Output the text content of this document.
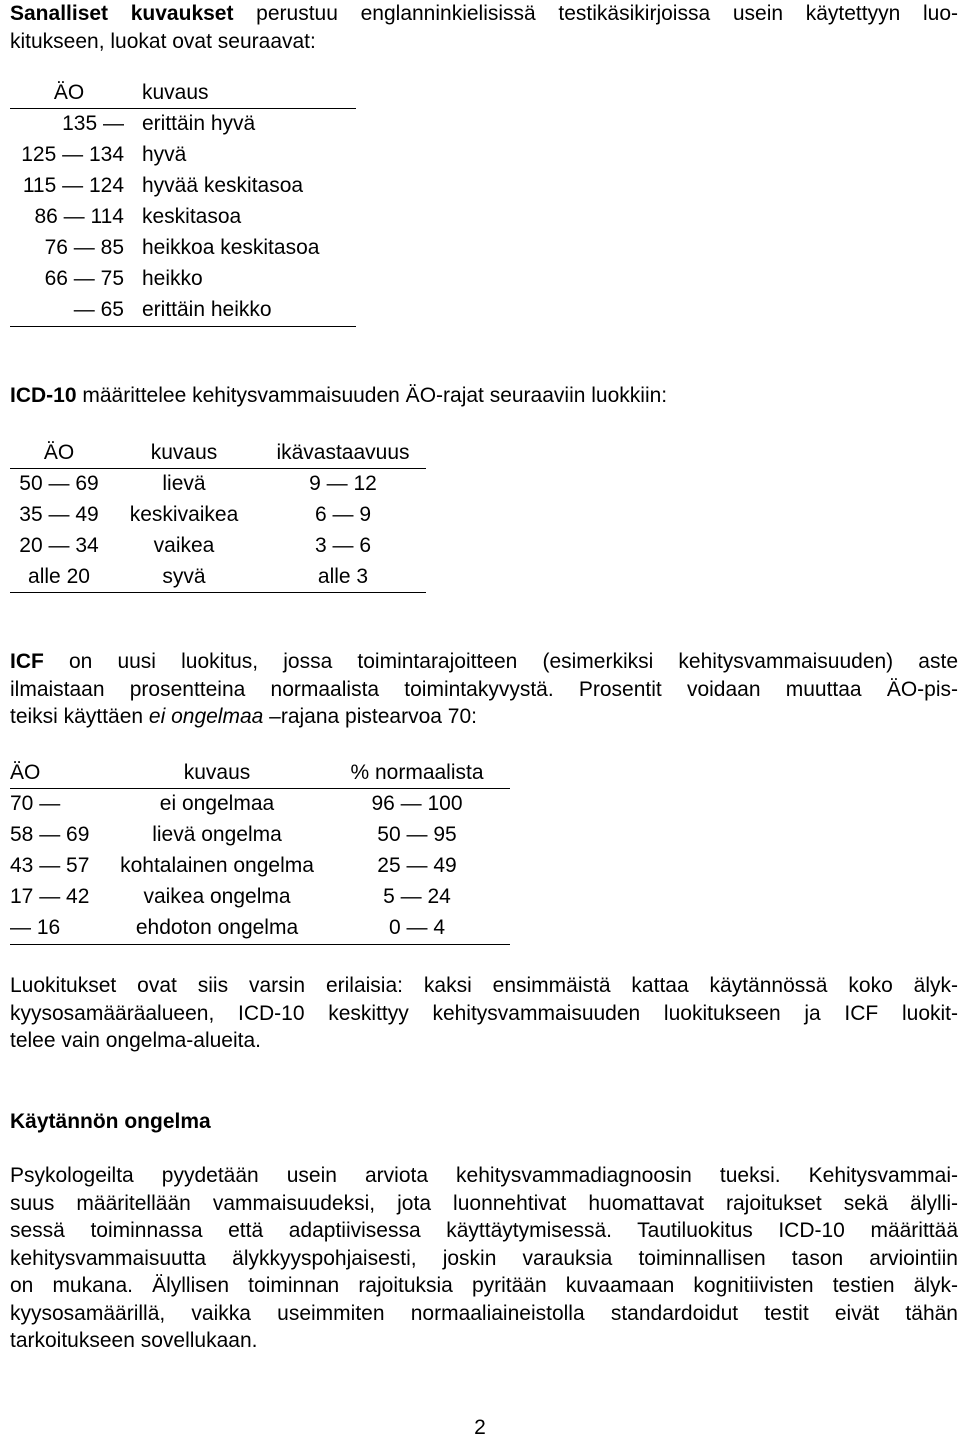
Sanalliset kuvaukset perustuu englanninkielisissä testikäsikirjoissa usein käytettyyn luo-
kitukseen, luokat ovat seuraavat:
ÄO	kuvaus
135 —	erittäin hyvä
125 — 134	hyvä
115 — 124	hyvää keskitasoa
86 — 114	keskitasoa
76 — 85	heikkoa keskitasoa
66 — 75	heikko
— 65	erittäin heikko
ICD-10 määrittelee kehitysvammaisuuden ÄO-rajat seuraaviin luokkiin:
ÄO	kuvaus	ikävastaavuus
50 — 69	lievä	9 — 12
35 — 49	keskivaikea	6 — 9
20 — 34	vaikea	3 — 6
alle 20	syvä	alle 3
ICF on uusi luokitus, jossa toimintarajoitteen (esimerkiksi kehitysvammaisuuden) aste
ilmaistaan prosentteina normaalista toimintakyvystä. Prosentit voidaan muuttaa ÄO-pis-
teiksi käyttäen ei ongelmaa –rajana pistearvoa 70:
ÄO	kuvaus	% normaalista
70 —	ei ongelmaa	96 — 100
58 — 69	lievä ongelma	50 — 95
43 — 57	kohtalainen ongelma	25 — 49
17 — 42	vaikea ongelma	5 — 24
— 16	ehdoton ongelma	0 — 4
Luokitukset ovat siis varsin erilaisia: kaksi ensimmäistä kattaa käytännössä koko älyk-
kyysosamääräalueen, ICD-10 keskittyy kehitysvammaisuuden luokitukseen ja ICF luokit-
telee vain ongelma-alueita.
Käytännön ongelma
Psykologeilta pyydetään usein arviota kehitysvammadiagnoosin tueksi. Kehitysvammai-
suus määritellään vammaisuudeksi, jota luonnehtivat huomattavat rajoitukset sekä älylli-
sessä toiminnassa että adaptiivisessa käyttäytymisessä. Tautiluokitus ICD-10 määrittää
kehitysvammaisuutta älykkyyspohjaisesti, joskin varauksia toiminnallisen tason arviointiin
on mukana. Älyllisen toiminnan rajoituksia pyritään kuvaamaan kognitiivisten testien älyk-
kyysosamäärillä, vaikka useimmiten normaaliaineistolla standardoidut testit eivät tähän
tarkoitukseen sovellukaan.
2
